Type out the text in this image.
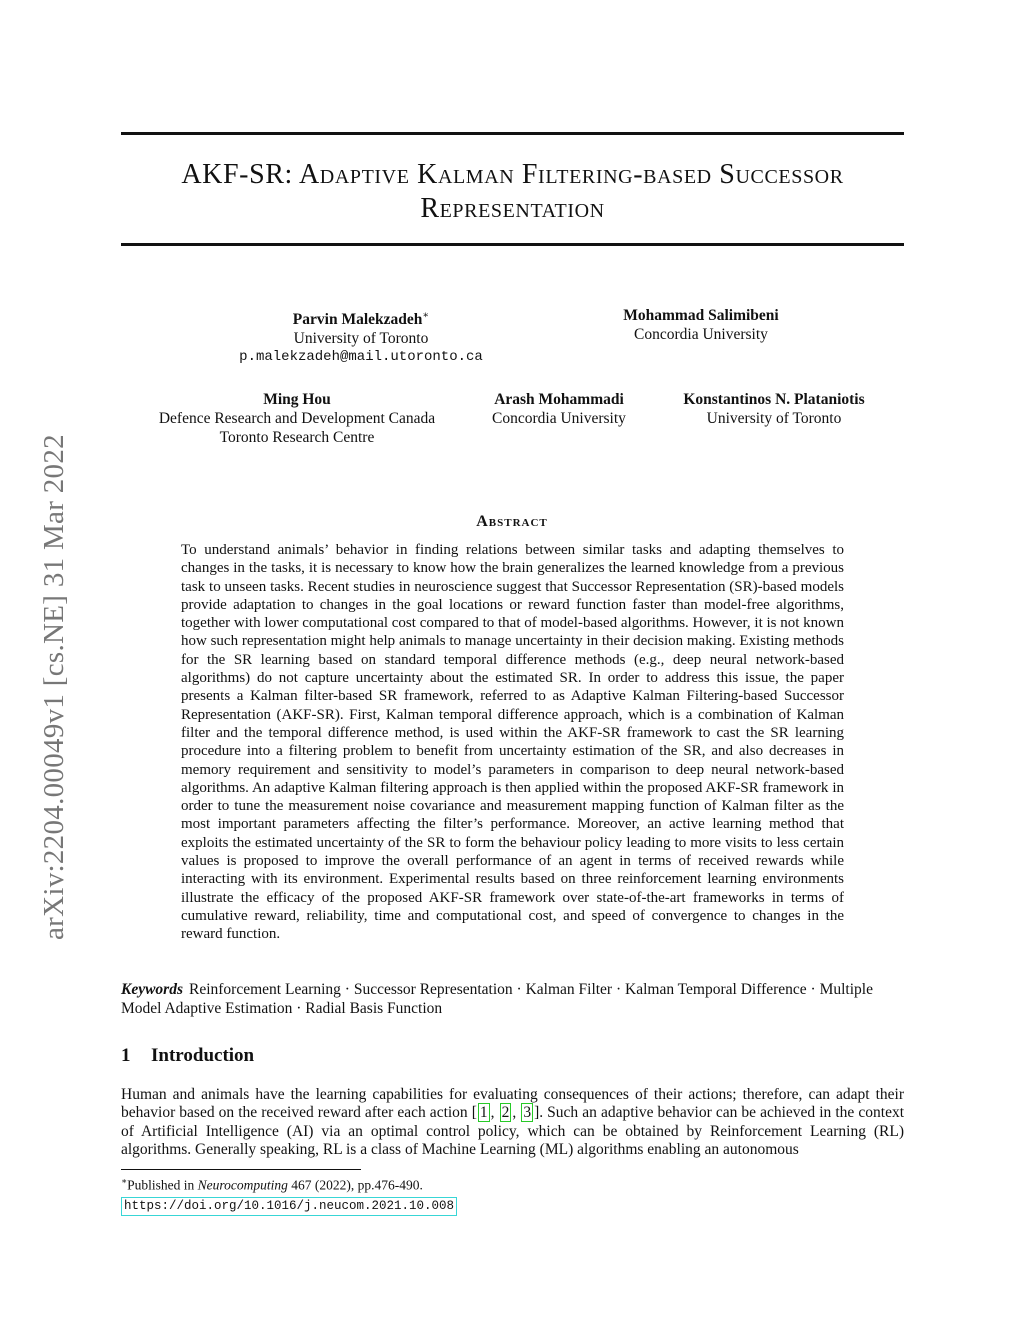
arXiv:2204.00049v1 [cs.NE] 31 Mar 2022
AKF-SR: Adaptive Kalman Filtering-based Successor
Representation
Parvin Malekzadeh∗
University of Toronto
p.malekzadeh@mail.utoronto.ca
Mohammad Salimibeni
Concordia University
Ming Hou
Defence Research and Development Canada
Toronto Research Centre
Arash Mohammadi
Concordia University
Konstantinos N. Plataniotis
University of Toronto
Abstract
To understand animals’ behavior in finding relations between similar tasks and adapting themselves to changes in the tasks, it is necessary to know how the brain generalizes the learned knowledge from a previous task to unseen tasks. Recent studies in neuroscience suggest that Successor Representation (SR)-based models provide adaptation to changes in the goal locations or reward function faster than model-free algorithms, together with lower computational cost compared to that of model-based algorithms. However, it is not known how such representation might help animals to manage uncertainty in their decision making. Existing methods for the SR learning based on standard temporal difference methods (e.g., deep neural network-based algorithms) do not capture uncertainty about the estimated SR. In order to address this issue, the paper presents a Kalman filter-based SR framework, referred to as Adaptive Kalman Filtering-based Successor Representation (AKF-SR). First, Kalman temporal difference approach, which is a combination of Kalman filter and the temporal difference method, is used within the AKF-SR framework to cast the SR learning procedure into a filtering problem to benefit from uncertainty estimation of the SR, and also decreases in memory requirement and sensitivity to model’s parameters in comparison to deep neural network-based algorithms. An adaptive Kalman filtering approach is then applied within the proposed AKF-SR framework in order to tune the measurement noise covariance and measurement mapping function of Kalman filter as the most important parameters affecting the filter’s performance. Moreover, an active learning method that exploits the estimated uncertainty of the SR to form the behaviour policy leading to more visits to less certain values is proposed to improve the overall performance of an agent in terms of received rewards while interacting with its environment. Experimental results based on three reinforcement learning environments illustrate the efficacy of the proposed AKF-SR framework over state-of-the-art frameworks in terms of cumulative reward, reliability, time and computational cost, and speed of convergence to changes in the reward function.
Keywords Reinforcement Learning · Successor Representation · Kalman Filter · Kalman Temporal Difference · Multiple Model Adaptive Estimation · Radial Basis Function
1 Introduction
Human and animals have the learning capabilities for evaluating consequences of their actions; therefore, can adapt their behavior based on the received reward after each action [ 1 , 2 , 3 ]. Such an adaptive behavior can be achieved in the context of Artificial Intelligence (AI) via an optimal control policy, which can be obtained by Reinforcement Learning (RL) algorithms. Generally speaking, RL is a class of Machine Learning (ML) algorithms enabling an autonomous
∗Published in Neurocomputing 467 (2022), pp.476-490.
https://doi.org/10.1016/j.neucom.2021.10.008
